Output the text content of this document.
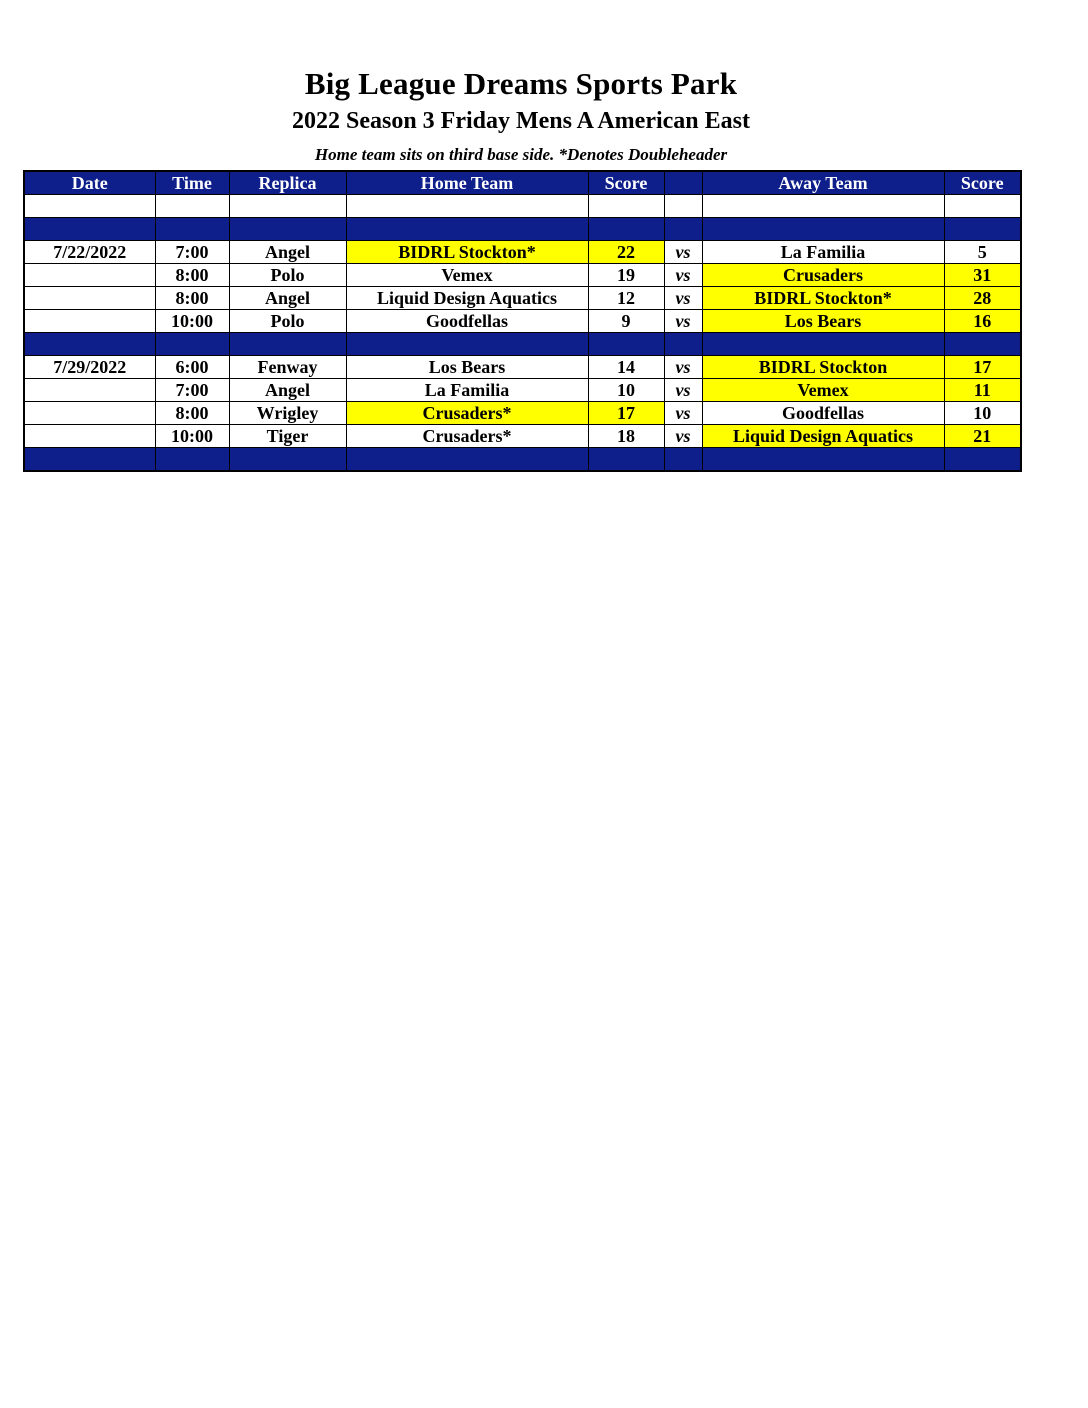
Big League Dreams Sports Park
2022 Season 3 Friday Mens A American East
Home team sits on third base side. *Denotes Doubleheader
Date	Time	Replica	Home Team	Score		Away Team	Score

7/22/2022	7:00	Angel	BIDRL Stockton*	22	vs	La Familia	5
	8:00	Polo	Vemex	19	vs	Crusaders	31
	8:00	Angel	Liquid Design Aquatics	12	vs	BIDRL Stockton*	28
	10:00	Polo	Goodfellas	9	vs	Los Bears	16

7/29/2022	6:00	Fenway	Los Bears	14	vs	BIDRL Stockton	17
	7:00	Angel	La Familia	10	vs	Vemex	11
	8:00	Wrigley	Crusaders*	17	vs	Goodfellas	10
	10:00	Tiger	Crusaders*	18	vs	Liquid Design Aquatics	21
